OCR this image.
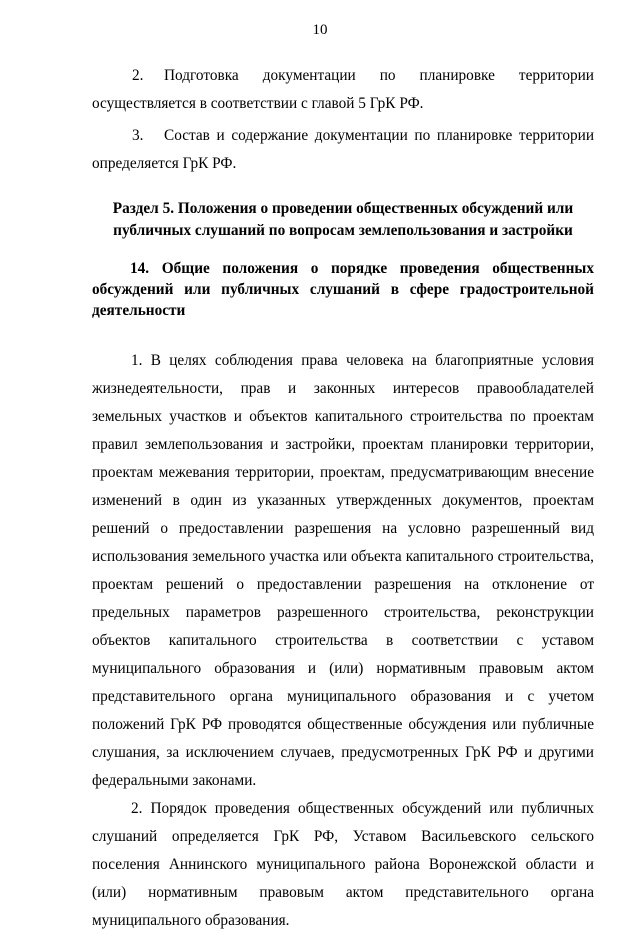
10

2. Подготовка документации по планировке территории осуществляется в соответствии с главой 5 ГрК РФ.

3. Состав и содержание документации по планировке территории определяется ГрК РФ.

Раздел 5. Положения о проведении общественных обсуждений или публичных слушаний по вопросам землепользования и застройки

14. Общие положения о порядке проведения общественных обсуждений или публичных слушаний в сфере градостроительной деятельности

1. В целях соблюдения права человека на благоприятные условия жизнедеятельности, прав и законных интересов правообладателей земельных участков и объектов капитального строительства по проектам правил землепользования и застройки, проектам планировки территории, проектам межевания территории, проектам, предусматривающим внесение изменений в один из указанных утвержденных документов, проектам решений о предоставлении разрешения на условно разрешенный вид использования земельного участка или объекта капитального строительства, проектам решений о предоставлении разрешения на отклонение от предельных параметров разрешенного строительства, реконструкции объектов капитального строительства в соответствии с уставом муниципального образования и (или) нормативным правовым актом представительного органа муниципального образования и с учетом положений ГрК РФ проводятся общественные обсуждения или публичные слушания, за исключением случаев, предусмотренных ГрК РФ и другими федеральными законами.

2. Порядок проведения общественных обсуждений или публичных слушаний определяется ГрК РФ, Уставом Васильевского сельского поселения Аннинского муниципального района Воронежской области и (или) нормативным правовым актом представительного органа муниципального образования.
